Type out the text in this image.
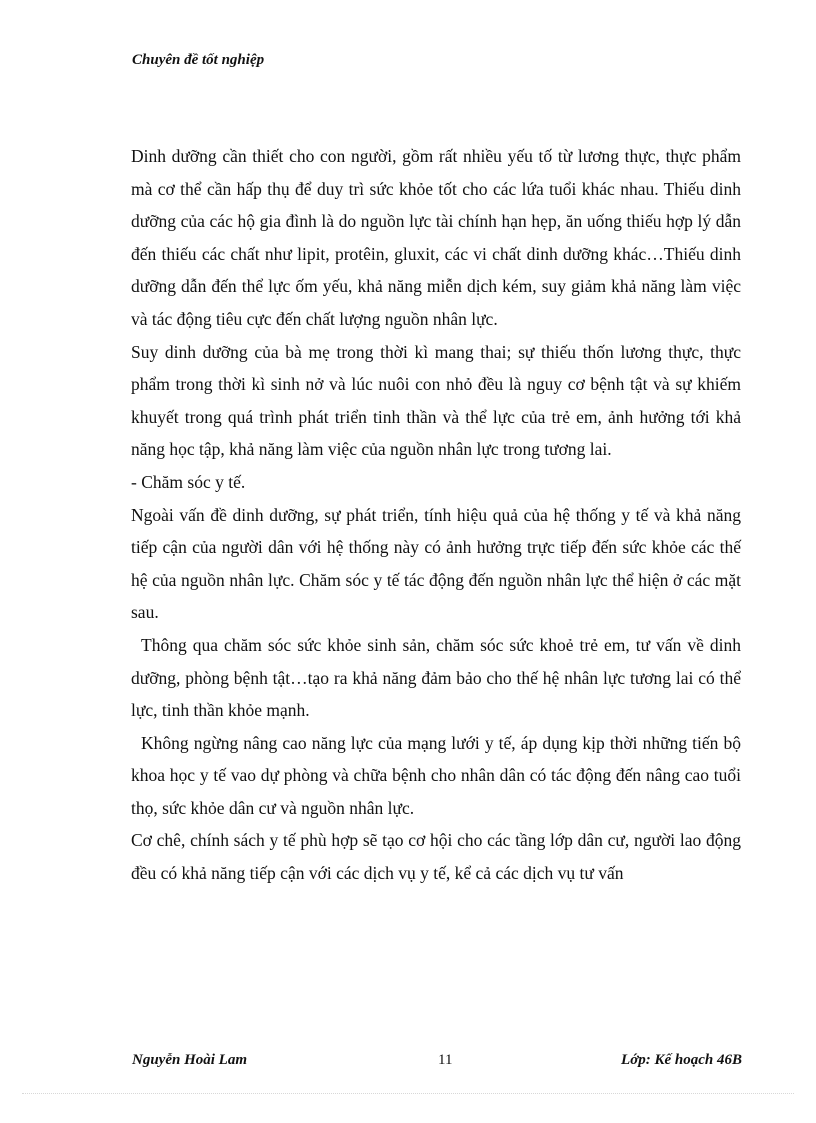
Chuyên đề tốt nghiệp

Dinh dưỡng cần thiết cho con người, gồm rất nhiều yếu tố từ lương thực, thực phẩm mà cơ thể cần hấp thụ để duy trì sức khỏe tốt cho các lứa tuổi khác nhau. Thiếu dinh dưỡng của các hộ gia đình là do nguồn lực tài chính hạn hẹp, ăn uống thiếu hợp lý dẫn đến thiếu các chất như lipit, protêin, gluxit, các vi chất dinh dưỡng khác…Thiếu dinh dưỡng dẫn đến thể lực ốm yếu, khả năng miễn dịch kém, suy giảm khả năng làm việc và tác động tiêu cực đến chất lượng nguồn nhân lực.

Suy dinh dưỡng của bà mẹ trong thời kì mang thai; sự thiếu thốn lương thực, thực phẩm trong thời kì sinh nở và lúc nuôi con nhỏ đều là nguy cơ bệnh tật và sự khiếm khuyết trong quá trình phát triển tinh thần và thể lực của trẻ em, ảnh hưởng tới khả năng học tập, khả năng làm việc của nguồn nhân lực trong tương lai.

- Chăm sóc y tế.

Ngoài vấn đề dinh dưỡng, sự phát triển, tính hiệu quả của hệ thống y tế và khả năng tiếp cận của người dân với hệ thống này có ảnh hưởng trực tiếp đến sức khỏe các thế hệ của nguồn nhân lực. Chăm sóc y tế tác động đến nguồn nhân lực thể hiện ở các mặt sau.

Thông qua chăm sóc sức khỏe sinh sản, chăm sóc sức khoẻ trẻ em, tư vấn về dinh dưỡng, phòng bệnh tật…tạo ra khả năng đảm bảo cho thế hệ nhân lực tương lai có thể lực, tinh thần khỏe mạnh.

Không ngừng nâng cao năng lực của mạng lưới y tế, áp dụng kịp thời những tiến bộ khoa học y tế vao dự phòng và chữa bệnh cho nhân dân có tác động đến nâng cao tuổi thọ, sức khỏe dân cư và nguồn nhân lực.

Cơ chê, chính sách y tế phù hợp sẽ tạo cơ hội cho các tầng lớp dân cư, người lao động đều có khả năng tiếp cận với các dịch vụ y tế, kể cả các dịch vụ tư vấn

Nguyễn Hoài Lam	11	Lớp: Kế hoạch 46B
